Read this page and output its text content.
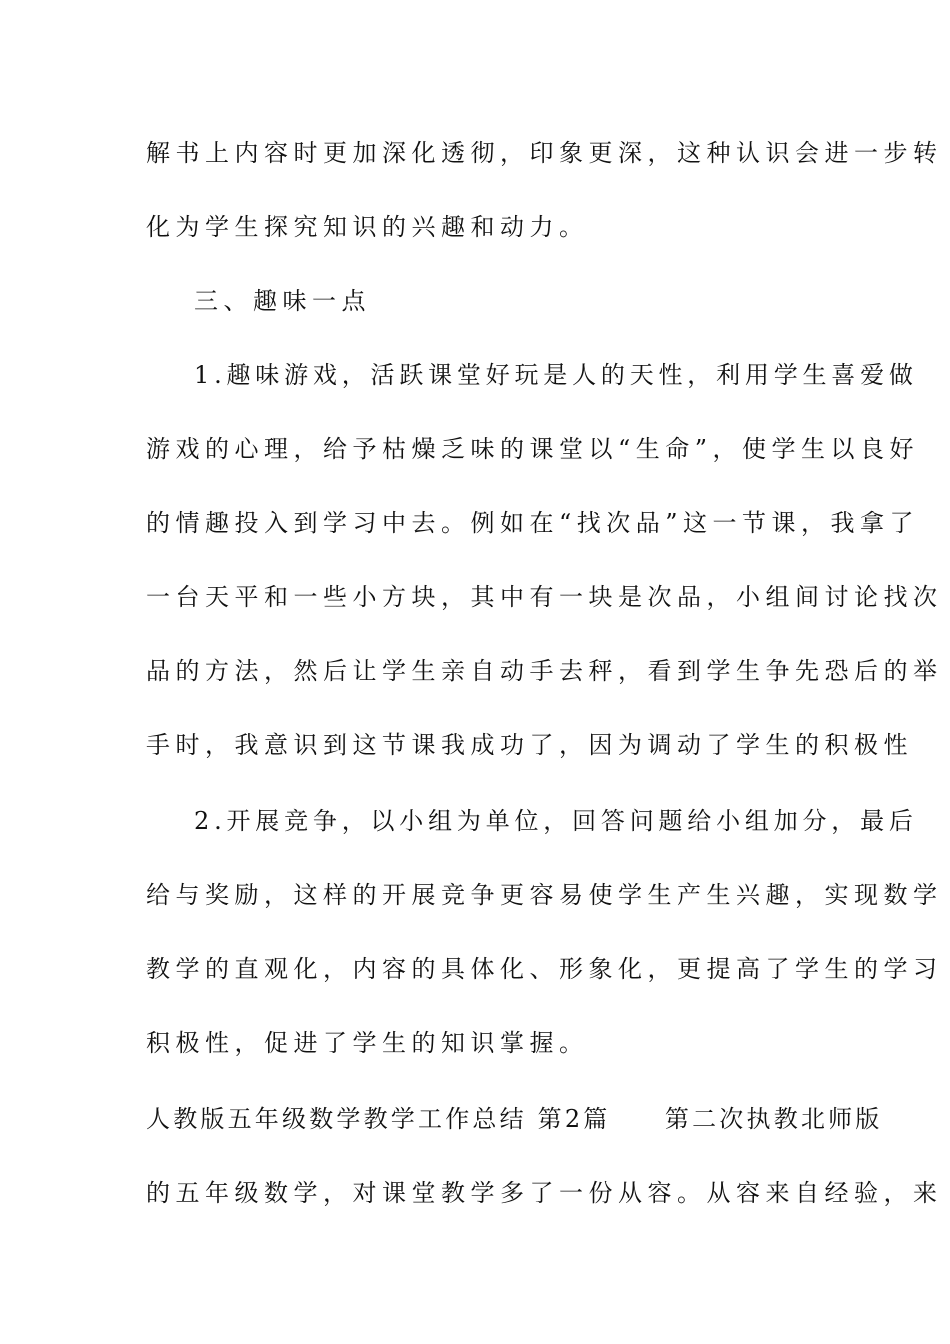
解书上内容时更加深化透彻，印象更深，这种认识会进一步转
化为学生探究知识的兴趣和动力。
三、趣味一点
1.趣味游戏，活跃课堂好玩是人的天性，利用学生喜爱做
游戏的心理，给予枯燥乏味的课堂以“生命”，使学生以良好
的情趣投入到学习中去。例如在“找次品”这一节课，我拿了
一台天平和一些小方块，其中有一块是次品，小组间讨论找次
品的方法，然后让学生亲自动手去秤，看到学生争先恐后的举
手时，我意识到这节课我成功了，因为调动了学生的积极性
2.开展竞争，以小组为单位，回答问题给小组加分，最后
给与奖励，这样的开展竞争更容易使学生产生兴趣，实现数学
教学的直观化，内容的具体化、形象化，更提高了学生的学习
积极性，促进了学生的知识掌握。
人教版五年级数学教学工作总结 第2篇　　第二次执教北师版
的五年级数学，对课堂教学多了一份从容。从容来自经验，来
